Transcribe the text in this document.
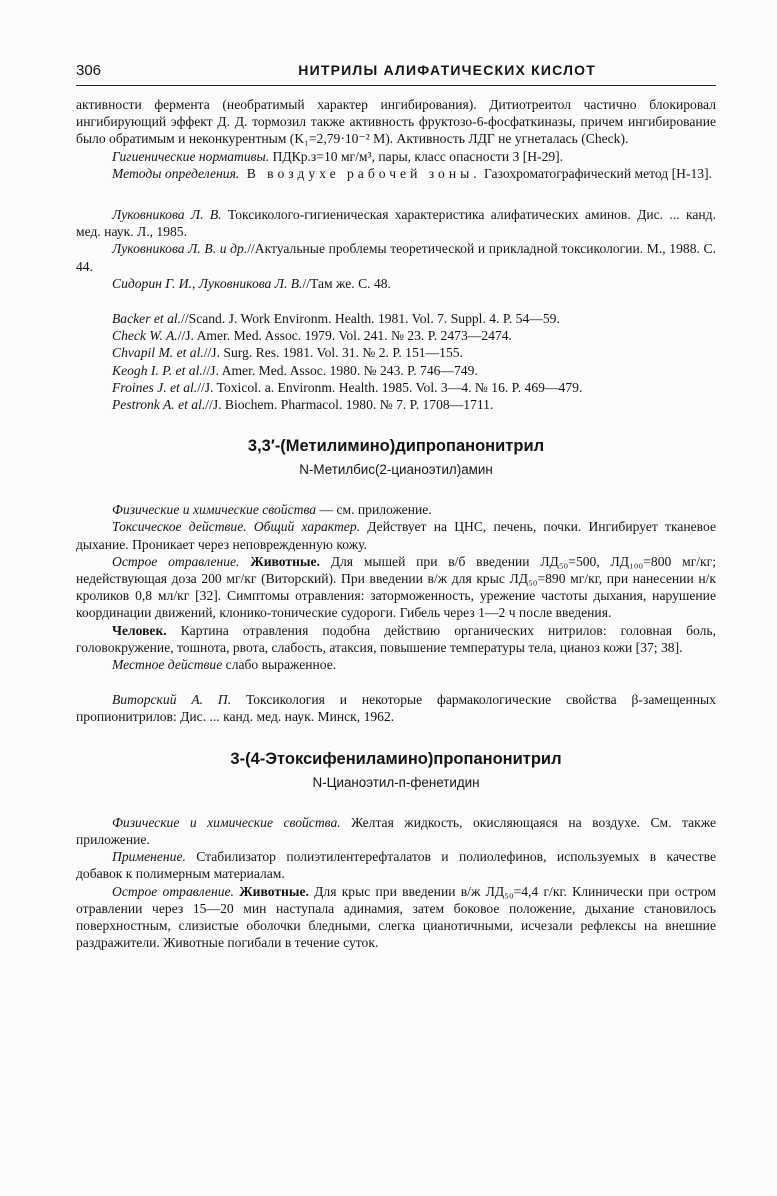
306	НИТРИЛЫ АЛИФАТИЧЕСКИХ КИСЛОТ

активности фермента (необратимый характер ингибирования). Дитиотреитол частично блокировал ингибирующий эффект Д. Д. тормозил также активность фруктозо-6-фосфаткиназы, причем ингибирование было обратимым и неконкурентным (K₁=2,79·10⁻² M). Активность ЛДГ не угнеталась (Check).

Гигиенические нормативы. ПДКр.з=10 мг/м³, пары, класс опасности 3 [H-29].

Методы определения. В воздухе рабочей зоны. Газохроматографический метод [H-13].

Луковникова Л. В. Токсиколого-гигиеническая характеристика алифатических аминов. Дис. ... канд. мед. наук. Л., 1985.

Луковникова Л. В. и др.//Актуальные проблемы теоретической и прикладной токсикологии. М., 1988. С. 44.

Сидорин Г. И., Луковникова Л. В.//Там же. С. 48.

Backer et al.//Scand. J. Work Environm. Health. 1981. Vol. 7. Suppl. 4. P. 54—59.

Check W. A.//J. Amer. Med. Assoc. 1979. Vol. 241. № 23. P. 2473—2474.

Chvapil M. et al.//J. Surg. Res. 1981. Vol. 31. № 2. P. 151—155.

Keogh I. P. et al.//J. Amer. Med. Assoc. 1980. № 243. P. 746—749.

Froines J. et al.//J. Toxicol. a. Environm. Health. 1985. Vol. 3—4. № 16. P. 469—479.

Pestronk A. et al.//J. Biochem. Pharmacol. 1980. № 7. P. 1708—1711.

3,3′-(Метилимино)дипропанонитрил
N-Метилбис(2-цианоэтил)амин

Физические и химические свойства — см. приложение.

Токсическое действие. Общий характер. Действует на ЦНС, печень, почки. Ингибирует тканевое дыхание. Проникает через неповрежденную кожу.

Острое отравление. Животные. Для мышей при в/б введении ЛД₅₀=500, ЛД₁₀₀=800 мг/кг; недействующая доза 200 мг/кг (Виторский). При введении в/ж для крыс ЛД₅₀=890 мг/кг, при нанесении н/к кроликов 0,8 мл/кг [32]. Симптомы отравления: заторможенность, урежение частоты дыхания, нарушение координации движений, клонико-тонические судороги. Гибель через 1—2 ч после введения.

Человек. Картина отравления подобна действию органических нитрилов: головная боль, головокружение, тошнота, рвота, слабость, атаксия, повышение температуры тела, цианоз кожи [37; 38].

Местное действие слабо выраженное.

Виторский А. П. Токсикология и некоторые фармакологические свойства β-замещенных пропионитрилов: Дис. ... канд. мед. наук. Минск, 1962.

3-(4-Этоксифениламино)пропанонитрил
N-Цианоэтил-п-фенетидин

Физические и химические свойства. Желтая жидкость, окисляющаяся на воздухе. См. также приложение.

Применение. Стабилизатор полиэтилентерефталатов и полиолефинов, используемых в качестве добавок к полимерным материалам.

Острое отравление. Животные. Для крыс при введении в/ж ЛД₅₀=4,4 г/кг. Клинически при остром отравлении через 15—20 мин наступала адинамия, затем боковое положение, дыхание становилось поверхностным, слизистые оболочки бледными, слегка цианотичными, исчезали рефлексы на внешние раздражители. Животные погибали в течение суток.
